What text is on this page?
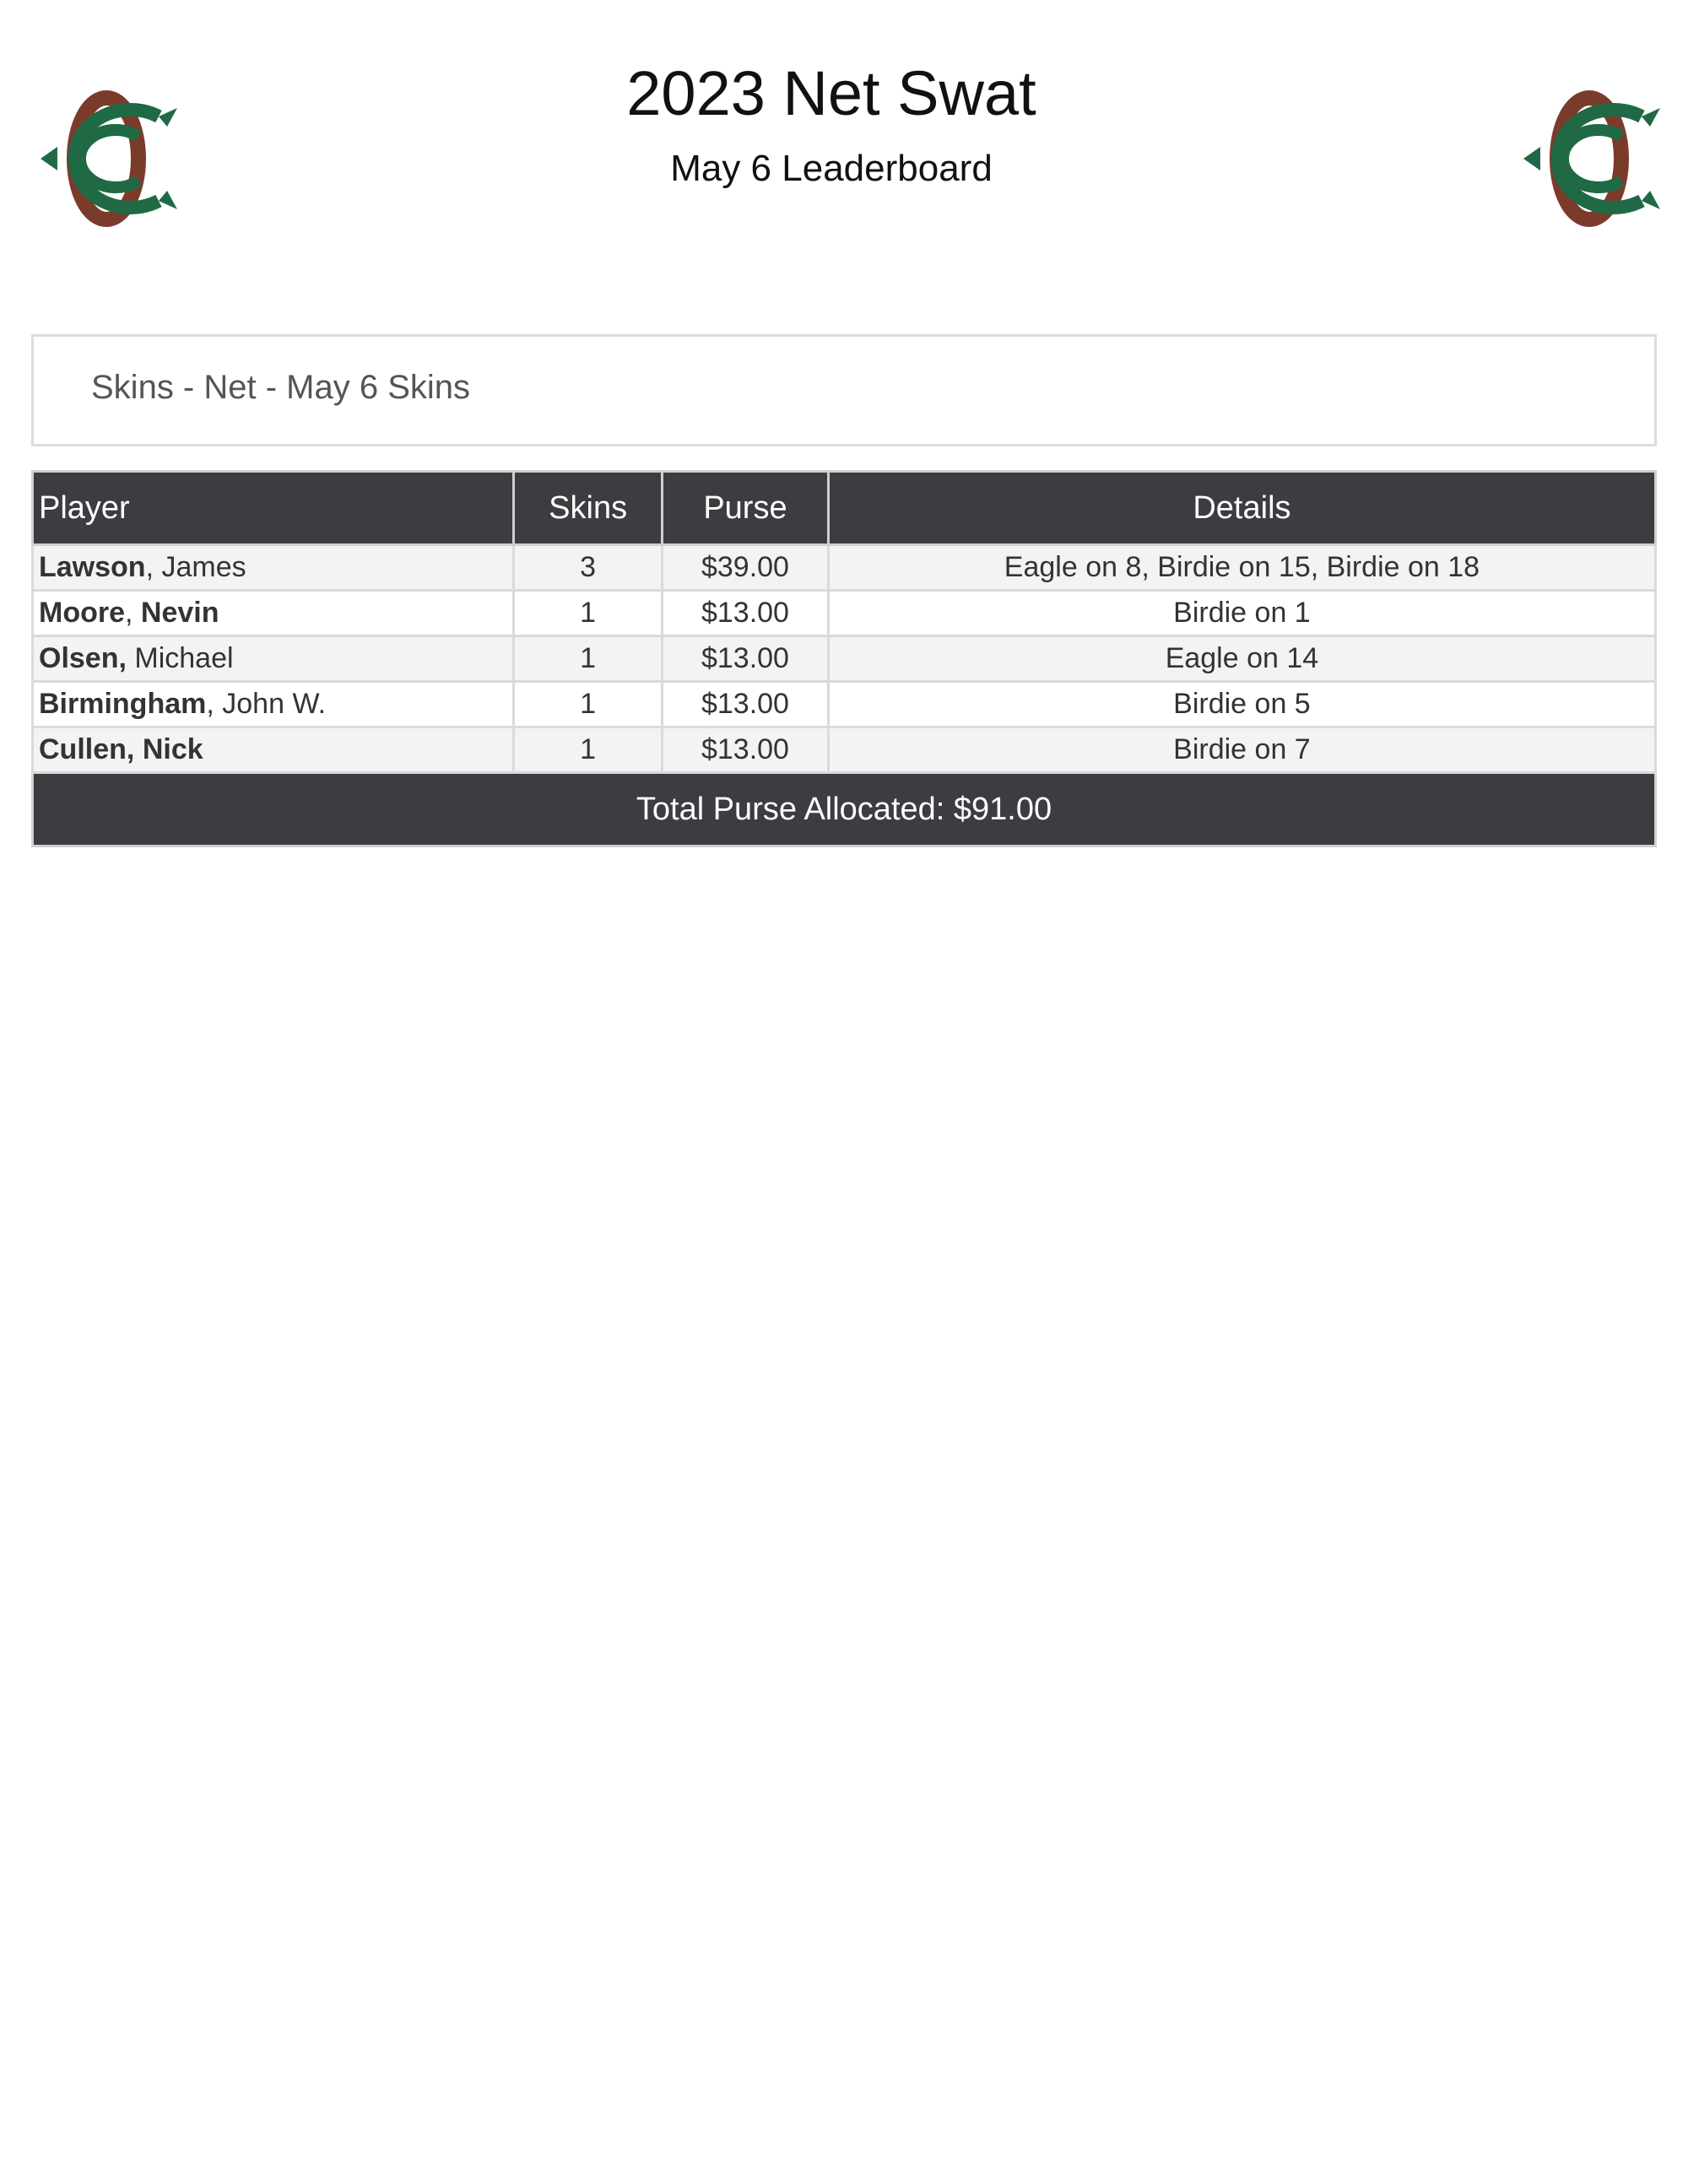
2023 Net Swat
May 6 Leaderboard
Skins - Net - May 6 Skins
Player	Skins	Purse	Details
Lawson, James	3	$39.00	Eagle on 8, Birdie on 15, Birdie on 18
Moore, Nevin	1	$13.00	Birdie on 1
Olsen, Michael	1	$13.00	Eagle on 14
Birmingham, John W.	1	$13.00	Birdie on 5
Cullen, Nick	1	$13.00	Birdie on 7
Total Purse Allocated: $91.00			
